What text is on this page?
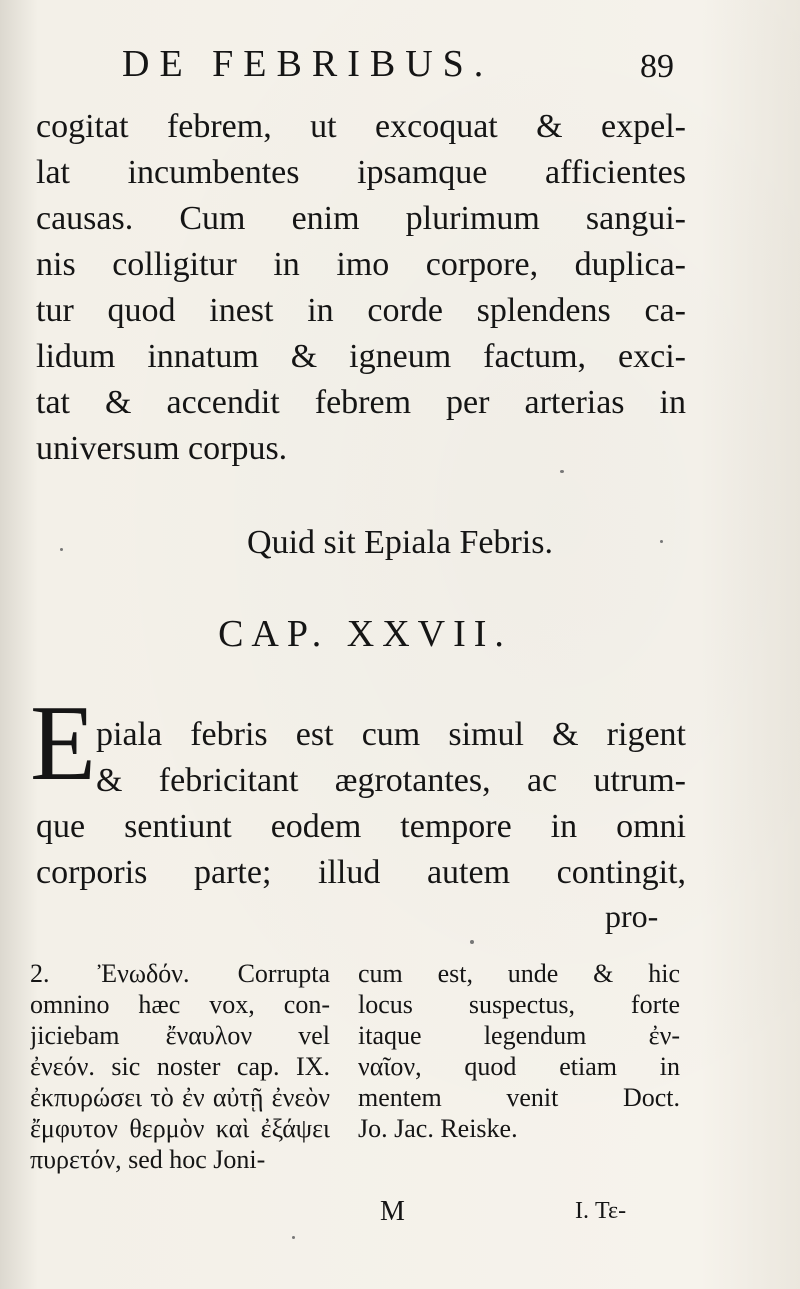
DE FEBRIBUS.	89
cogitat febrem, ut excoquat & expel-
lat incumbentes ipsamque afficientes
causas. Cum enim plurimum sangui-
nis colligitur in imo corpore, duplica-
tur quod inest in corde splendens ca-
lidum innatum & igneum factum, exci-
tat & accendit febrem per arterias in
universum corpus.
Quid sit Epiala Febris.
CAP. XXVII.
E piala febris est cum simul & rigent
& febricitant ægrotantes, ac utrum-
que sentiunt eodem tempore in omni
corporis parte; illud autem contingit,
pro-
2. Ἐνωδόν. Corrupta
omnino hæc vox, con-
jiciebam ἔναυλον vel
ἐνεόν. sic noster cap. IX.
ἐκπυρώσει τὸ ἐν αὐτῇ ἐνεὸν
ἔμφυτον θερμὸν καὶ ἐξάψει
πυρετόν, sed hoc Joni-
cum est, unde & hic
locus suspectus, forte
itaque legendum ἐν-
ναῖον, quod etiam in
mentem venit Doct.
Jo. Jac. Reiske.
M	I. Τε-
